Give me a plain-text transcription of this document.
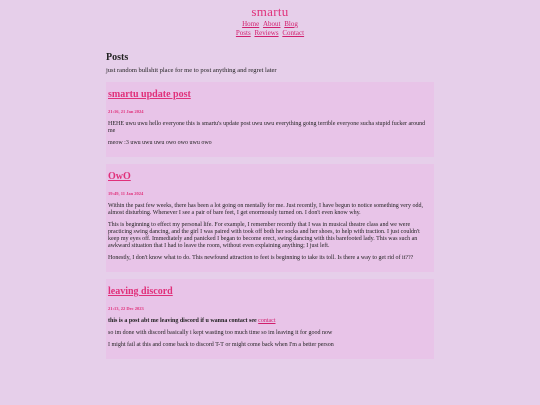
smartu
Home About Blog
Posts Reviews Contact
Posts

just random bullshit place for me to post anything and regret later

smartu update post
21:16, 21 Jan 2024

HEHE uwu uwu hello everyone this is smartu's update post uwu uwu everything going terrible everyone sucha stupid fucker around me

meow :3 uwu uwu uwu owo owo uwu owo

OwO
19:49, 11 Jan 2024

Within the past few weeks, there has been a lot going on mentally for me. Just recently, I have begun to notice something very odd, almost disturbing. Whenever I see a pair of bare feet, I get enormously turned on. I don't even know why.

This is beginning to effect my personal life. For example, I remember recently that I was in musical theatre class and we were practicing swing dancing, and the girl I was paired with took off both her socks and her shoes, to help with traction. I just couldn't keep my eyes off. Immediately and panicked I began to become erect, swing dancing with this barefooted lady. This was such an awkward situation that I had to leave the room, without even explaining anything; I just left.

Honestly, I don't know what to do. This newfound attraction to feet is beginning to take its toll. Is there a way to get rid of it???

leaving discord
21:13, 22 Dec 2023

this is a post abt me leaving discord if u wanna contact see contact

so im done with discord basically i kept wasting too much time so im leaving it for good now

I might fail at this and come back to discord T-T or might come back when I'm a better person
